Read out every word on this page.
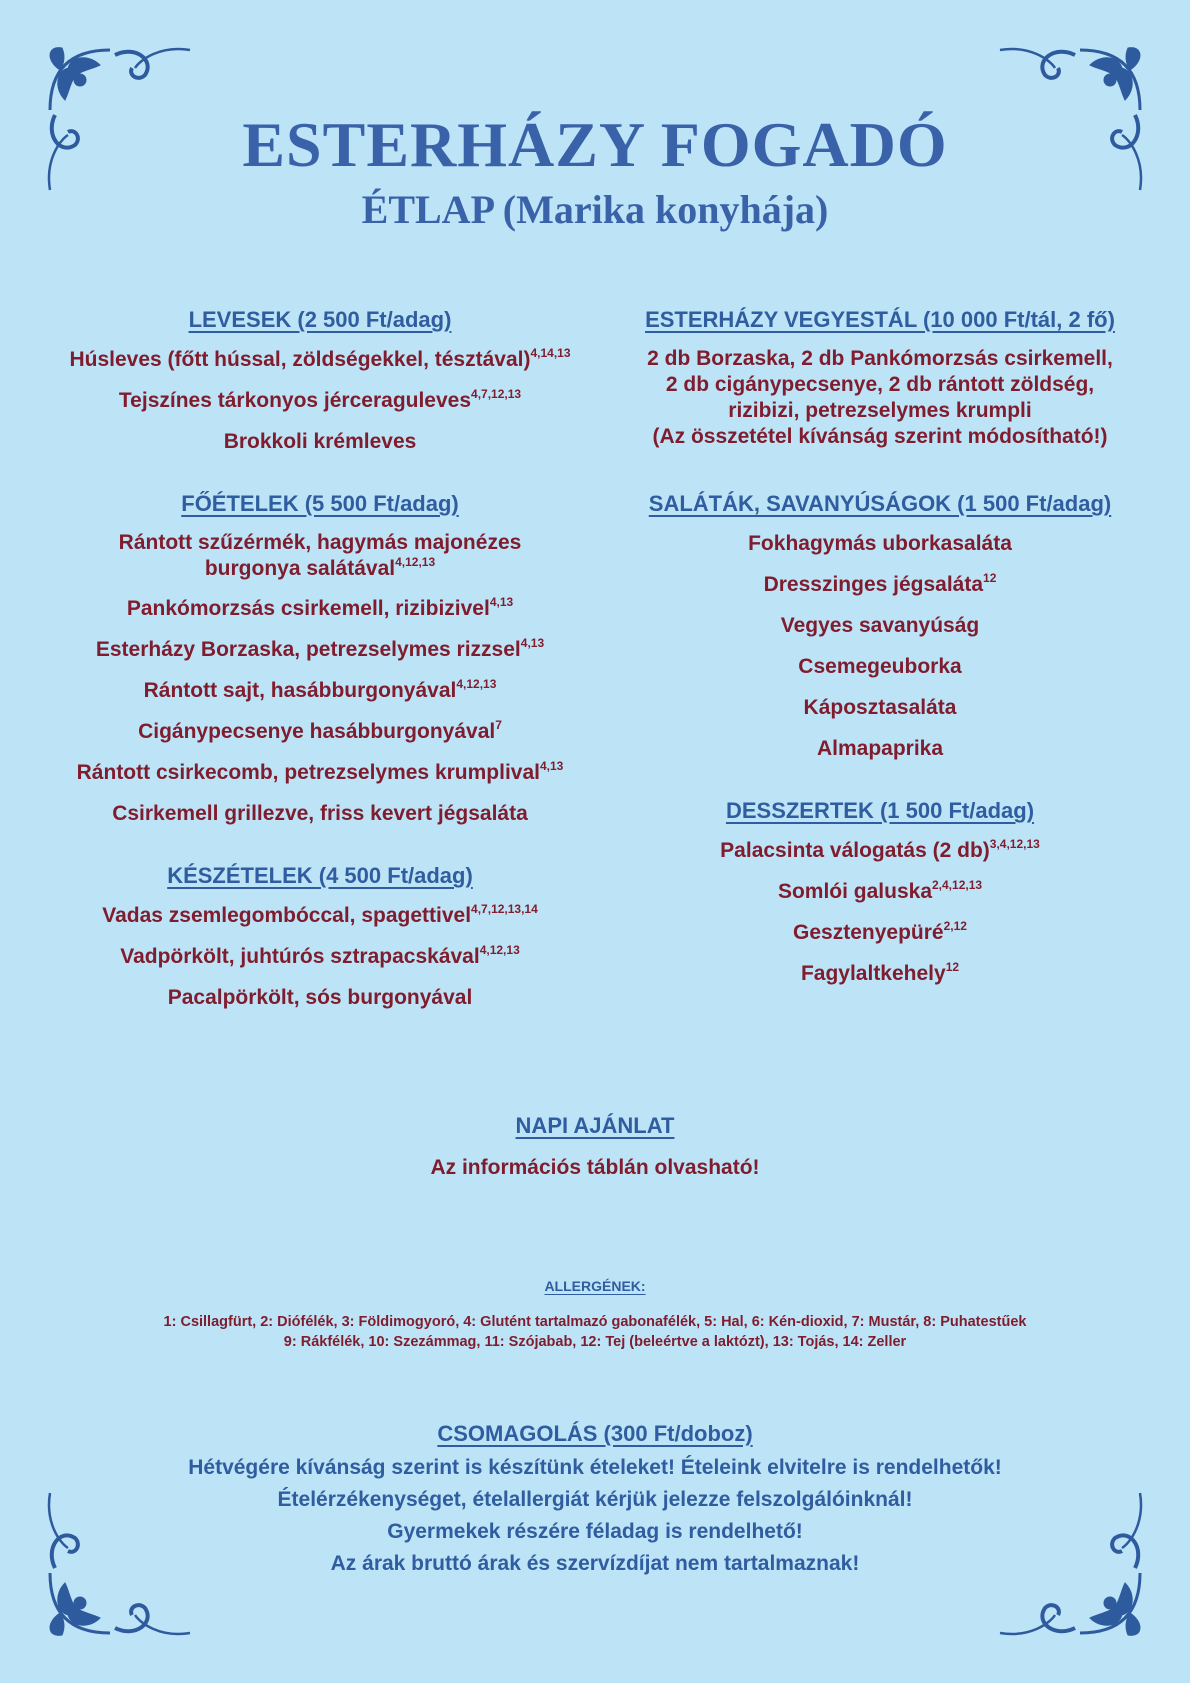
ESTERHÁZY FOGADÓ
ÉTLAP (Marika konyhája)
LEVESEK (2 500 Ft/adag)
Húsleves (főtt hússal, zöldségekkel, tésztával)$^{4,14,13}$
Tejszínes tárkonyos jérceraguleves$^{4,7,12,13}$
Brokkoli krémleves
FŐÉTELEK (5 500 Ft/adag)
Rántott szűzérmék, hagymás majonézes
burgonya salátával$^{4,12,13}$
Pankómorzsás csirkemell, rizibizivel$^{4,13}$
Esterházy Borzaska, petrezselymes rizzsel$^{4,13}$
Rántott sajt, hasábburgonyával$^{4,12,13}$
Cigánypecsenye hasábburgonyával$^7$
Rántott csirkecomb, petrezselymes krumplival$^{4,13}$
Csirkemell grillezve, friss kevert jégsaláta
KÉSZÉTELEK (4 500 Ft/adag)
Vadas zsemlegombóccal, spagettivel$^{4,7,12,13,14}$
Vadpörkölt, juhtúrós sztrapacskával$^{4,12,13}$
Pacalpörkölt, sós burgonyával
ESTERHÁZY VEGYESTÁL (10 000 Ft/tál, 2 fő)
2 db Borzaska, 2 db Pankómorzsás csirkemell,
2 db cigánypecsenye, 2 db rántott zöldség,
rizibizi, petrezselymes krumpli
(Az összetétel kívánság szerint módosítható!)
SALÁTÁK, SAVANYÚSÁGOK (1 500 Ft/adag)
Fokhagymás uborkasaláta
Dresszinges jégsaláta$^{12}$
Vegyes savanyúság
Csemegeuborka
Káposztasaláta
Almapaprika
DESSZERTEK (1 500 Ft/adag)
Palacsinta válogatás (2 db)$^{3,4,12,13}$
Somlói galuska$^{2,4,12,13}$
Gesztenyepüré$^{2,12}$
Fagylaltkehely$^{12}$
NAPI AJÁNLAT
Az információs táblán olvasható!
ALLERGÉNEK:
1: Csillagfürt, 2: Diófélék, 3: Földimogyoró, 4: Glutént tartalmazó gabonafélék, 5: Hal, 6: Kén-dioxid, 7: Mustár, 8: Puhatestűek
9: Rákfélék, 10: Szezámmag, 11: Szójabab, 12: Tej (beleértve a laktózt), 13: Tojás, 14: Zeller
CSOMAGOLÁS (300 Ft/doboz)
Hétvégére kívánság szerint is készítünk ételeket! Ételeink elvitelre is rendelhetők!
Ételérzékenységet, ételallergiát kérjük jelezze felszolgálóinknál!
Gyermekek részére féladag is rendelhető!
Az árak bruttó árak és szervízdíjat nem tartalmaznak!
